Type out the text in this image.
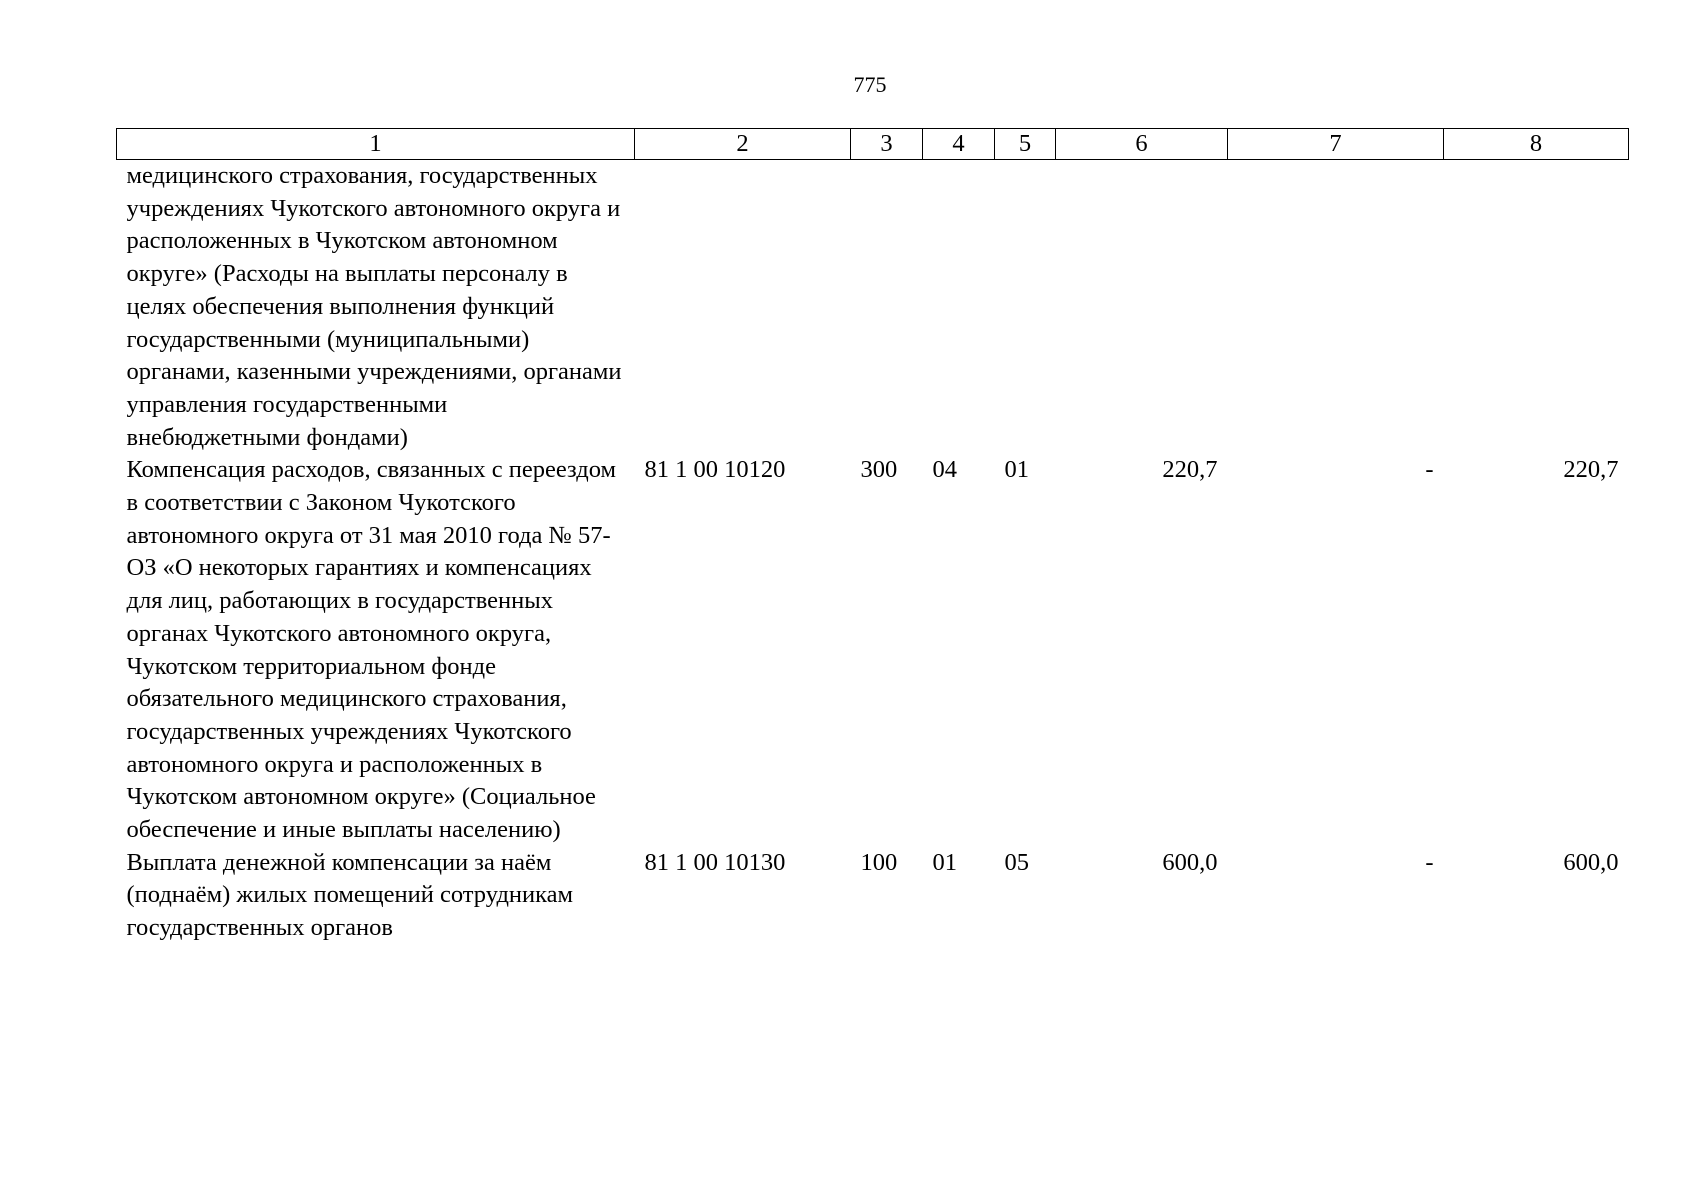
775
1	2	3	4	5	6	7	8
медицинского страхования, государственных учреждениях Чукотского автономного округа и расположенных в Чукотском автономном округе» (Расходы на выплаты персоналу в целях обеспечения выполнения функций государственными (муниципальными) органами, казенными учреждениями, органами управления государственными внебюджетными фондами)							
Компенсация расходов, связанных с переездом в соответствии с Законом Чукотского автономного округа от 31 мая 2010 года № 57-ОЗ «О некоторых гарантиях и компенсациях для лиц, работающих в государственных органах Чукотского автономного округа, Чукотском территориальном фонде обязательного медицинского страхования, государственных учреждениях Чукотского автономного округа и расположенных в Чукотском автономном округе» (Социальное обеспечение и иные выплаты населению)	81 1 00 10120	300	04	01	220,7	-	220,7
Выплата денежной компенсации за наём (поднаём) жилых помещений сотрудникам государственных органов	81 1 00 10130	100	01	05	600,0	-	600,0
